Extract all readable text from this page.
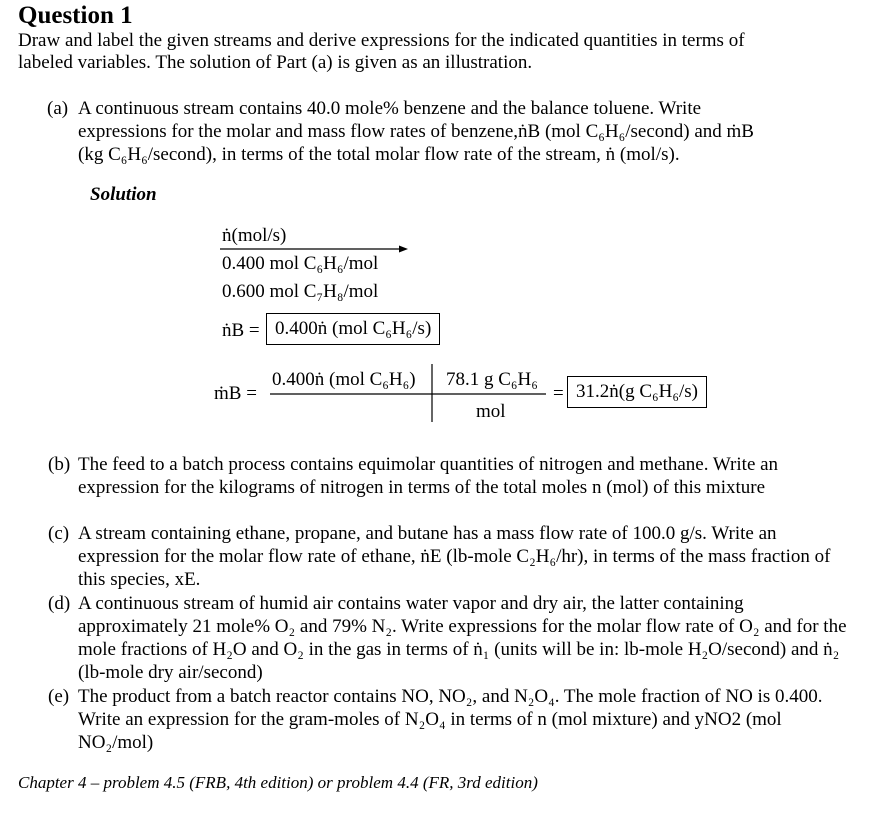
Question 1
Draw and label the given streams and derive expressions for the indicated quantities in terms of
labeled variables. The solution of Part (a) is given as an illustration.
(a) A continuous stream contains 40.0 mole% benzene and the balance toluene. Write
expressions for the molar and mass flow rates of benzene,ṅB (mol C₆H₆/second) and ṁB
(kg C₆H₆/second), in terms of the total molar flow rate of the stream, ṅ (mol/s).
Solution
ṅ(mol/s)
0.400 mol C₆H₆/mol
0.600 mol C₇H₈/mol
ṅB = 0.400ṅ (mol C₆H₆/s)
ṁB =
0.400ṅ (mol C₆H₆) 78.1 g C₆H₆
mol
= 31.2ṅ(g C₆H₆/s)
(b) The feed to a batch process contains equimolar quantities of nitrogen and methane. Write an expression for the kilograms of nitrogen in terms of the total moles n (mol) of this mixture
(c) A stream containing ethane, propane, and butane has a mass flow rate of 100.0 g/s. Write an expression for the molar flow rate of ethane, ṅE (lb-mole C₂H₆/hr), in terms of the mass fraction of this species, xE.
(d) A continuous stream of humid air contains water vapor and dry air, the latter containing approximately 21 mole% O₂ and 79% N₂. Write expressions for the molar flow rate of O₂ and for the mole fractions of H₂O and O₂ in the gas in terms of ṅ₁ (units will be in: lb-mole H₂O/second) and ṅ₂ (lb-mole dry air/second)
(e) The product from a batch reactor contains NO, NO₂, and N₂O₄. The mole fraction of NO is 0.400. Write an expression for the gram-moles of N₂O₄ in terms of n (mol mixture) and yNO2 (mol NO₂/mol)
Chapter 4 – problem 4.5 (FRB, 4th edition) or problem 4.4 (FR, 3rd edition)
